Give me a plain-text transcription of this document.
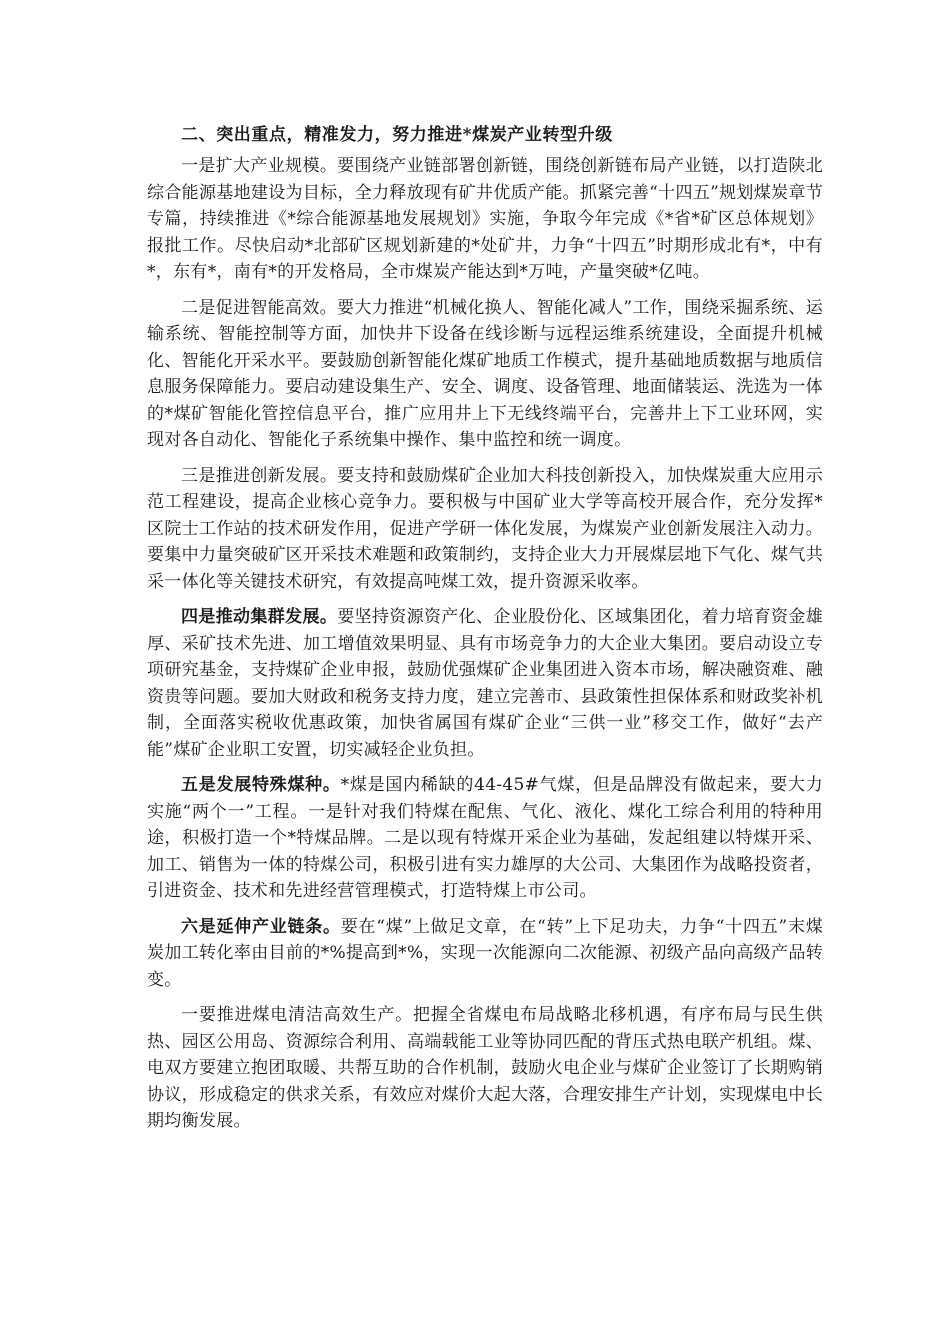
二、突出重点，精准发力，努力推进*煤炭产业转型升级

一是扩大产业规模。要围绕产业链部署创新链，围绕创新链布局产业链，以打造陕北综合能源基地建设为目标，全力释放现有矿井优质产能。抓紧完善“十四五”规划煤炭章节专篇，持续推进《*综合能源基地发展规划》实施，争取今年完成《*省*矿区总体规划》报批工作。尽快启动*北部矿区规划新建的*处矿井，力争“十四五”时期形成北有*，中有*，东有*，南有*的开发格局，全市煤炭产能达到*万吨，产量突破*亿吨。

二是促进智能高效。要大力推进“机械化换人、智能化减人”工作，围绕采掘系统、运输系统、智能控制等方面，加快井下设备在线诊断与远程运维系统建设，全面提升机械化、智能化开采水平。要鼓励创新智能化煤矿地质工作模式，提升基础地质数据与地质信息服务保障能力。要启动建设集生产、安全、调度、设备管理、地面储装运、洗选为一体的*煤矿智能化管控信息平台，推广应用井上下无线终端平台，完善井上下工业环网，实现对各自动化、智能化子系统集中操作、集中监控和统一调度。

三是推进创新发展。要支持和鼓励煤矿企业加大科技创新投入，加快煤炭重大应用示范工程建设，提高企业核心竞争力。要积极与中国矿业大学等高校开展合作，充分发挥*区院士工作站的技术研发作用，促进产学研一体化发展，为煤炭产业创新发展注入动力。要集中力量突破矿区开采技术难题和政策制约，支持企业大力开展煤层地下气化、煤气共采一体化等关键技术研究，有效提高吨煤工效，提升资源采收率。

四是推动集群发展。要坚持资源资产化、企业股份化、区域集团化，着力培育资金雄厚、采矿技术先进、加工增值效果明显、具有市场竞争力的大企业大集团。要启动设立专项研究基金，支持煤矿企业申报，鼓励优强煤矿企业集团进入资本市场，解决融资难、融资贵等问题。要加大财政和税务支持力度，建立完善市、县政策性担保体系和财政奖补机制，全面落实税收优惠政策，加快省属国有煤矿企业“三供一业”移交工作，做好“去产能”煤矿企业职工安置，切实减轻企业负担。

五是发展特殊煤种。*煤是国内稀缺的44-45#气煤，但是品牌没有做起来，要大力实施“两个一”工程。一是针对我们特煤在配焦、气化、液化、煤化工综合利用的特种用途，积极打造一个*特煤品牌。二是以现有特煤开采企业为基础，发起组建以特煤开采、加工、销售为一体的特煤公司，积极引进有实力雄厚的大公司、大集团作为战略投资者，引进资金、技术和先进经营管理模式，打造特煤上市公司。

六是延伸产业链条。要在“煤”上做足文章，在“转”上下足功夫，力争“十四五”末煤炭加工转化率由目前的*%提高到*%，实现一次能源向二次能源、初级产品向高级产品转变。

一要推进煤电清洁高效生产。把握全省煤电布局战略北移机遇，有序布局与民生供热、园区公用岛、资源综合利用、高端载能工业等协同匹配的背压式热电联产机组。煤、电双方要建立抱团取暖、共帮互助的合作机制，鼓励火电企业与煤矿企业签订了长期购销协议，形成稳定的供求关系，有效应对煤价大起大落，合理安排生产计划，实现煤电中长期均衡发展。
